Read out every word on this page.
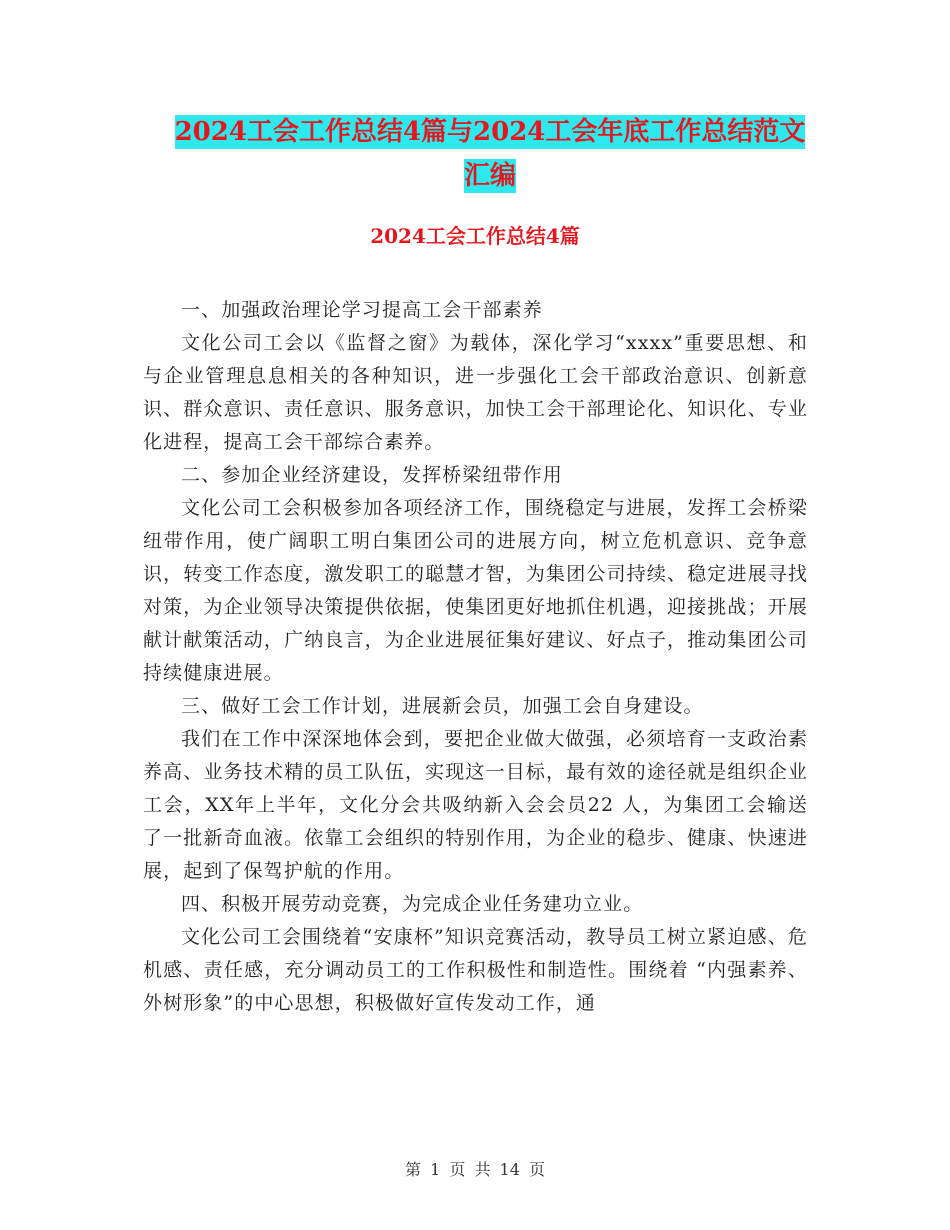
2024工会工作总结4篇与2024工会年底工作总结范文
汇编
2024工会工作总结4篇

一、加强政治理论学习提高工会干部素养

文化公司工会以《监督之窗》为载体，深化学习“xxxx”重要思想、和与企业管理息息相关的各种知识，进一步强化工会干部政治意识、创新意识、群众意识、责任意识、服务意识，加快工会干部理论化、知识化、专业化进程，提高工会干部综合素养。

二、参加企业经济建设，发挥桥梁纽带作用

文化公司工会积极参加各项经济工作，围绕稳定与进展，发挥工会桥梁纽带作用，使广阔职工明白集团公司的进展方向，树立危机意识、竞争意识，转变工作态度，激发职工的聪慧才智，为集团公司持续、稳定进展寻找对策，为企业领导决策提供依据，使集团更好地抓住机遇，迎接挑战；开展献计献策活动，广纳良言，为企业进展征集好建议、好点子，推动集团公司持续健康进展。

三、做好工会工作计划，进展新会员，加强工会自身建设。

我们在工作中深深地体会到，要把企业做大做强，必须培育一支政治素养高、业务技术精的员工队伍，实现这一目标，最有效的途径就是组织企业工会，XX年上半年，文化分会共吸纳新入会会员22 人，为集团工会输送了一批新奇血液。依靠工会组织的特别作用，为企业的稳步、健康、快速进展，起到了保驾护航的作用。

四、积极开展劳动竞赛，为完成企业任务建功立业。

文化公司工会围绕着“安康杯”知识竞赛活动，教导员工树立紧迫感、危机感、责任感，充分调动员工的工作积极性和制造性。围绕着 “内强素养、外树形象”的中心思想，积极做好宣传发动工作，通

第 1 页 共 14 页
